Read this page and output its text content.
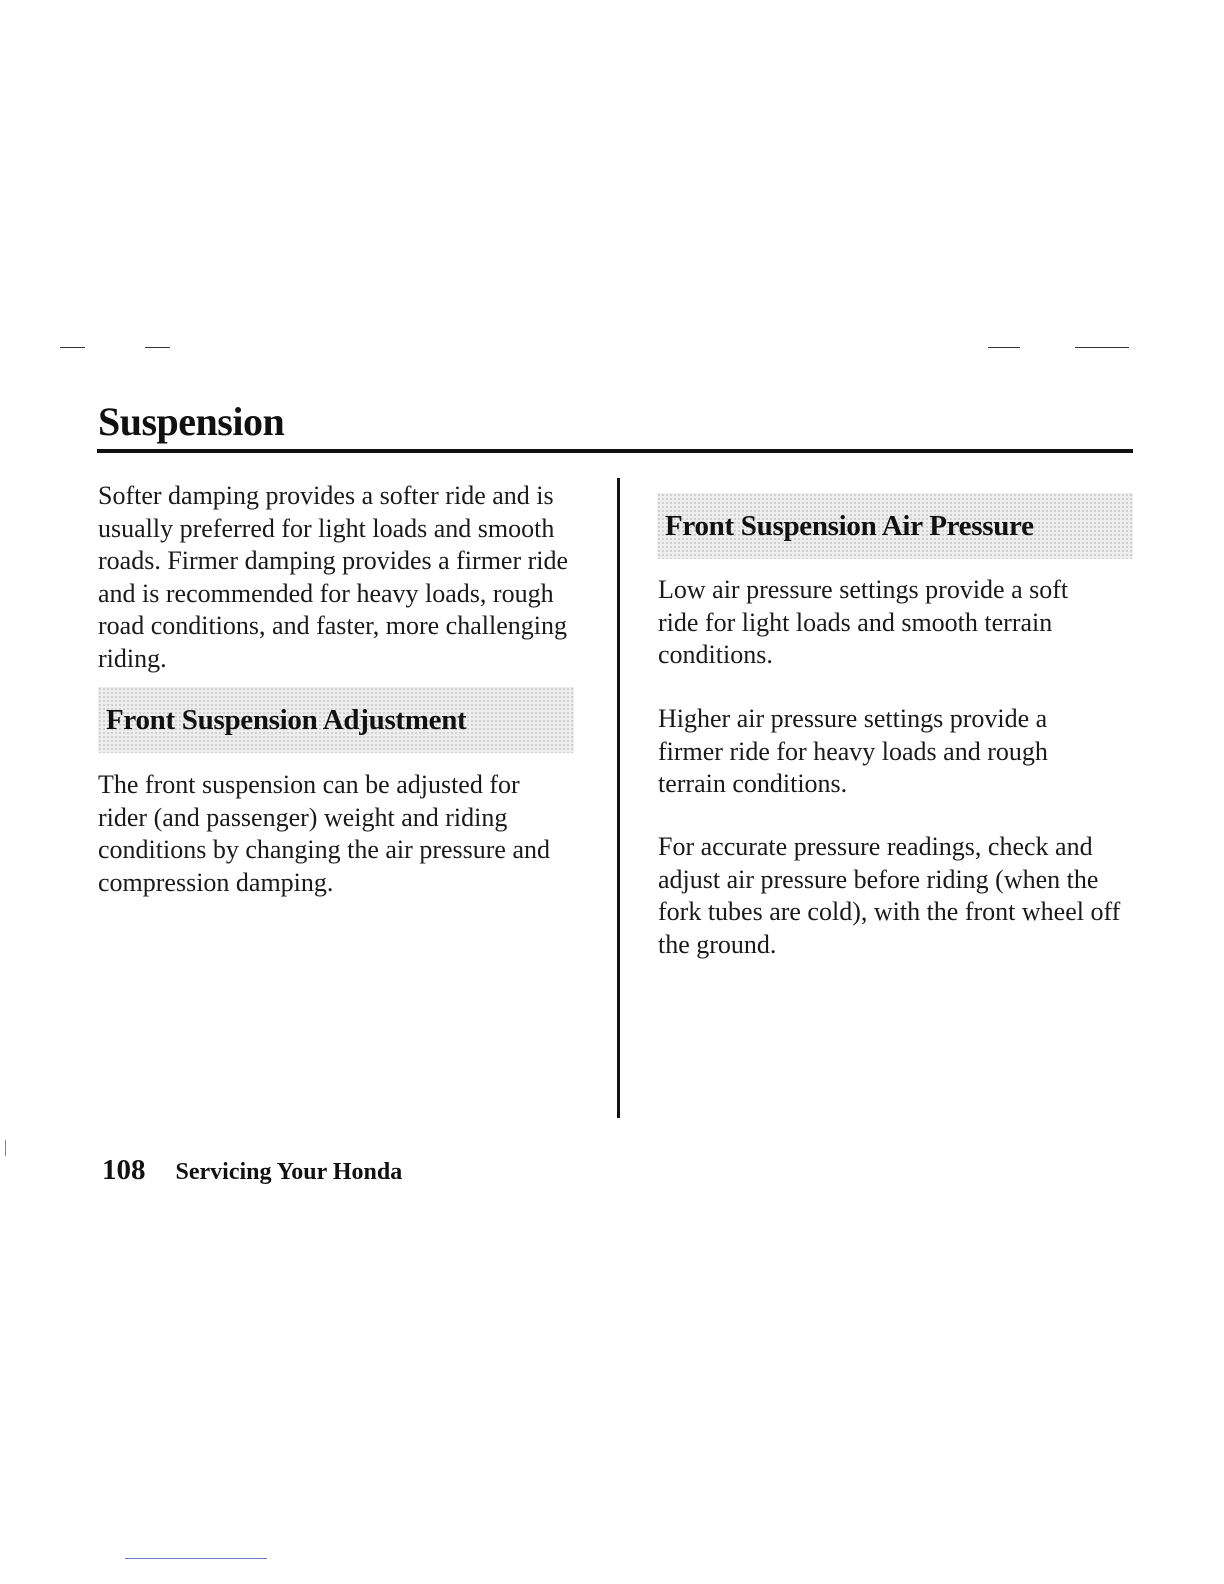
Suspension

Softer damping provides a softer ride and is usually preferred for light loads and smooth roads. Firmer damping provides a firmer ride and is recommended for heavy loads, rough road conditions, and faster, more challenging riding.

Front Suspension Adjustment

The front suspension can be adjusted for rider (and passenger) weight and riding conditions by changing the air pressure and compression damping.

Front Suspension Air Pressure

Low air pressure settings provide a soft ride for light loads and smooth terrain conditions.

Higher air pressure settings provide a firmer ride for heavy loads and rough terrain conditions.

For accurate pressure readings, check and adjust air pressure before riding (when the fork tubes are cold), with the front wheel off the ground.

108 Servicing Your Honda
